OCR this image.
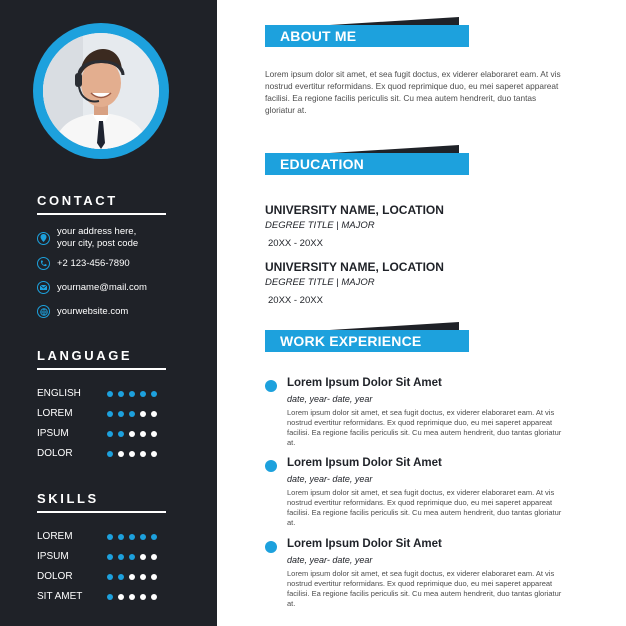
CONTACT
your address here,
your city, post code
+2 123-456-7890
yourname@mail.com
yourwebsite.com
LANGUAGE
ENGLISH
LOREM
IPSUM
DOLOR
SKILLS
LOREM
IPSUM
DOLOR
SIT AMET
ABOUT ME
Lorem ipsum dolor sit amet, et sea fugit doctus, ex viderer elaboraret eam. At vis nostrud evertitur reformidans. Ex quod reprimique duo, eu mei saperet appareat facilisi. Ea regione facilis periculis sit. Cu mea autem hendrerit, duo tantas gloriatur at.
EDUCATION
UNIVERSITY NAME, LOCATION
DEGREE TITLE | MAJOR
20XX - 20XX
UNIVERSITY NAME, LOCATION
DEGREE TITLE | MAJOR
20XX - 20XX
WORK EXPERIENCE
Lorem Ipsum Dolor Sit Amet
date, year- date, year
Lorem ipsum dolor sit amet, et sea fugit doctus, ex viderer elaboraret eam. At vis nostrud evertitur reformidans. Ex quod reprimique duo, eu mei saperet appareat facilisi. Ea regione facilis periculis sit. Cu mea autem hendrerit, duo tantas gloriatur at.
Lorem Ipsum Dolor Sit Amet
date, year- date, year
Lorem ipsum dolor sit amet, et sea fugit doctus, ex viderer elaboraret eam. At vis nostrud evertitur reformidans. Ex quod reprimique duo, eu mei saperet appareat facilisi. Ea regione facilis periculis sit. Cu mea autem hendrerit, duo tantas gloriatur at.
Lorem Ipsum Dolor Sit Amet
date, year- date, year
Lorem ipsum dolor sit amet, et sea fugit doctus, ex viderer elaboraret eam. At vis nostrud evertitur reformidans. Ex quod reprimique duo, eu mei saperet appareat facilisi. Ea regione facilis periculis sit. Cu mea autem hendrerit, duo tantas gloriatur at.
